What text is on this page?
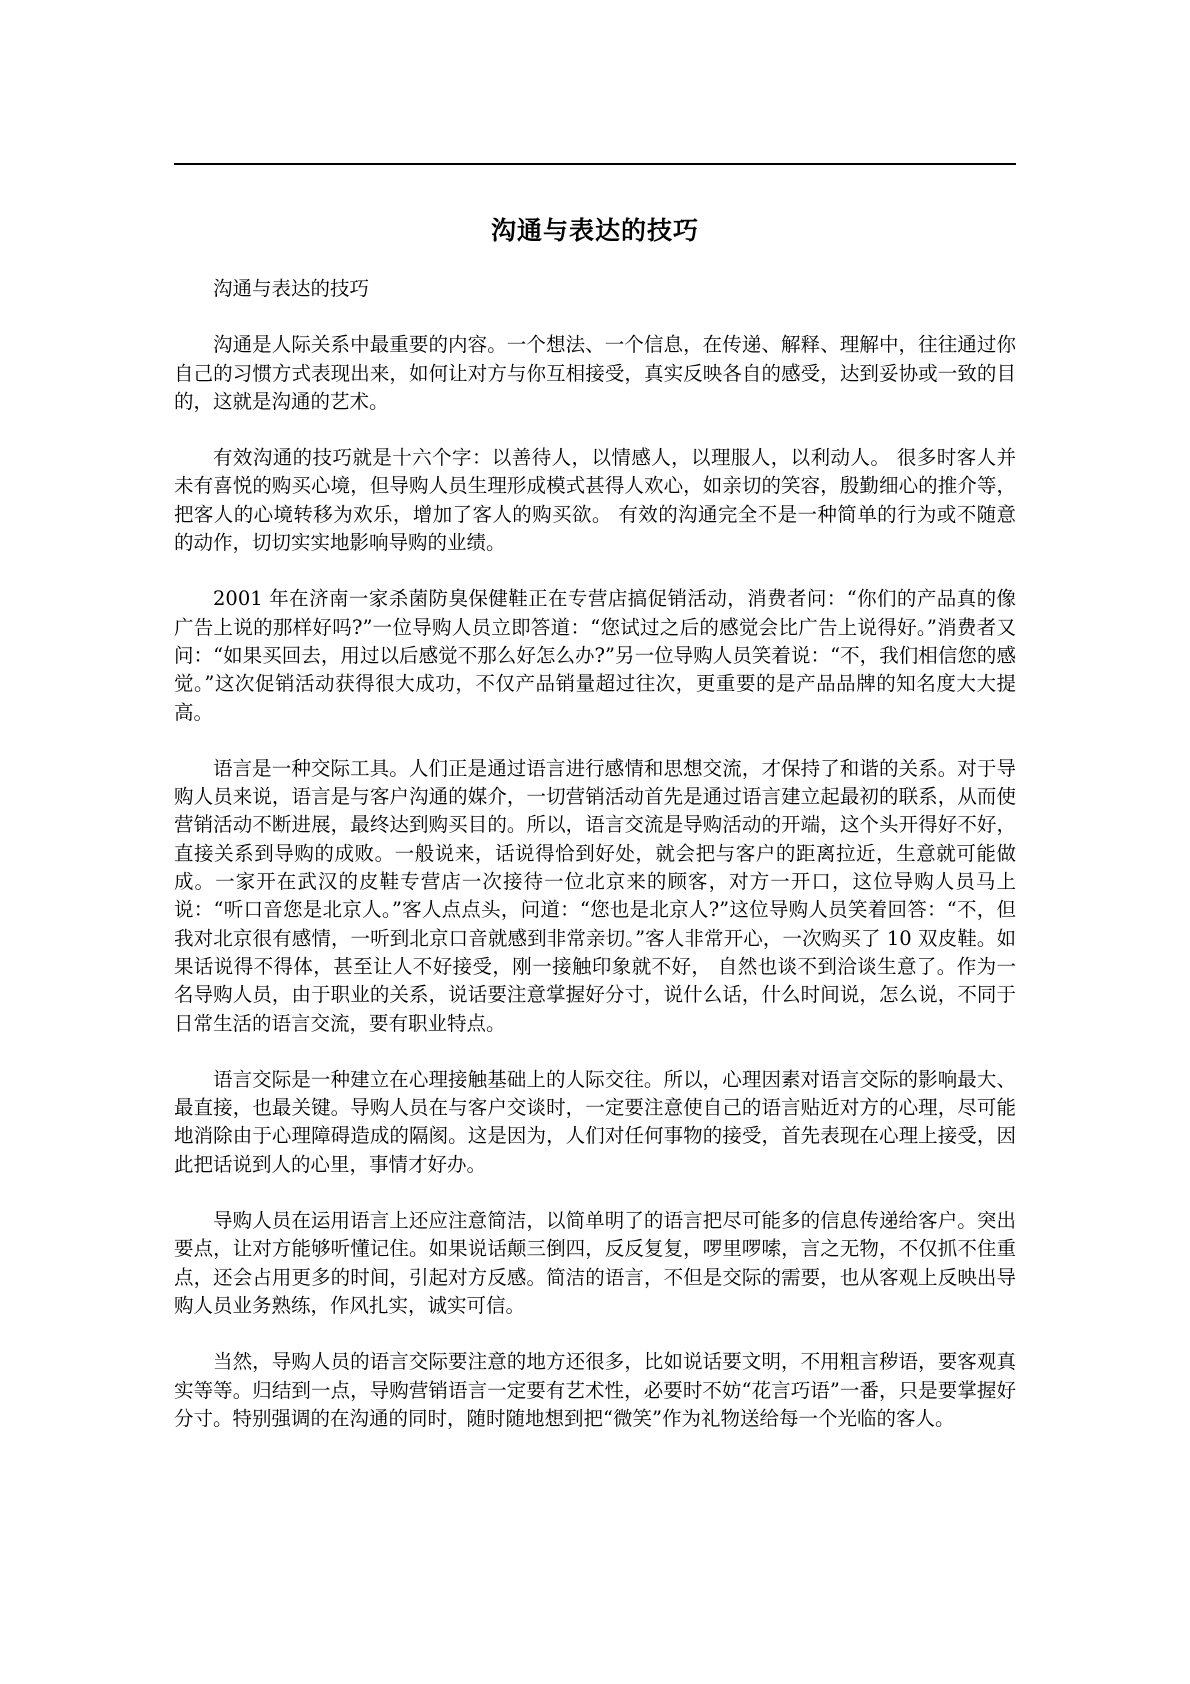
沟通与表达的技巧

沟通与表达的技巧

沟通是人际关系中最重要的内容。一个想法、一个信息，在传递、解释、理解中，往往通过你自己的习惯方式表现出来，如何让对方与你互相接受，真实反映各自的感受，达到妥协或一致的目的，这就是沟通的艺术。

有效沟通的技巧就是十六个字：以善待人，以情感人，以理服人，以利动人。 很多时客人并未有喜悦的购买心境，但导购人员生理形成模式甚得人欢心，如亲切的笑容，殷勤细心的推介等，把客人的心境转移为欢乐，增加了客人的购买欲。 有效的沟通完全不是一种简单的行为或不随意的动作，切切实实地影响导购的业绩。

2001 年在济南一家杀菌防臭保健鞋正在专营店搞促销活动，消费者问：“你们的产品真的像广告上说的那样好吗?”一位导购人员立即答道：“您试过之后的感觉会比广告上说得好。”消费者又问：“如果买回去，用过以后感觉不那么好怎么办?”另一位导购人员笑着说：“不，我们相信您的感觉。”这次促销活动获得很大成功，不仅产品销量超过往次，更重要的是产品品牌的知名度大大提高。

语言是一种交际工具。人们正是通过语言进行感情和思想交流，才保持了和谐的关系。对于导购人员来说，语言是与客户沟通的媒介，一切营销活动首先是通过语言建立起最初的联系，从而使营销活动不断进展，最终达到购买目的。所以，语言交流是导购活动的开端，这个头开得好不好，直接关系到导购的成败。一般说来，话说得恰到好处，就会把与客户的距离拉近，生意就可能做成。一家开在武汉的皮鞋专营店一次接待一位北京来的顾客，对方一开口，这位导购人员马上说：“听口音您是北京人。”客人点点头，问道：“您也是北京人?”这位导购人员笑着回答：“不，但我对北京很有感情，一听到北京口音就感到非常亲切。”客人非常开心，一次购买了 10 双皮鞋。如果话说得不得体，甚至让人不好接受，刚一接触印象就不好， 自然也谈不到洽谈生意了。作为一名导购人员，由于职业的关系，说话要注意掌握好分寸，说什么话，什么时间说，怎么说，不同于日常生活的语言交流，要有职业特点。

语言交际是一种建立在心理接触基础上的人际交往。所以，心理因素对语言交际的影响最大、最直接，也最关键。导购人员在与客户交谈时，一定要注意使自己的语言贴近对方的心理，尽可能地消除由于心理障碍造成的隔阂。这是因为，人们对任何事物的接受，首先表现在心理上接受，因此把话说到人的心里，事情才好办。

导购人员在运用语言上还应注意简洁，以简单明了的语言把尽可能多的信息传递给客户。突出要点，让对方能够听懂记住。如果说话颠三倒四，反反复复，啰里啰嗦，言之无物，不仅抓不住重点，还会占用更多的时间，引起对方反感。简洁的语言，不但是交际的需要，也从客观上反映出导购人员业务熟练，作风扎实，诚实可信。

当然，导购人员的语言交际要注意的地方还很多，比如说话要文明，不用粗言秽语，要客观真实等等。归结到一点，导购营销语言一定要有艺术性，必要时不妨“花言巧语”一番，只是要掌握好分寸。特别强调的在沟通的同时，随时随地想到把“微笑”作为礼物送给每一个光临的客人。
